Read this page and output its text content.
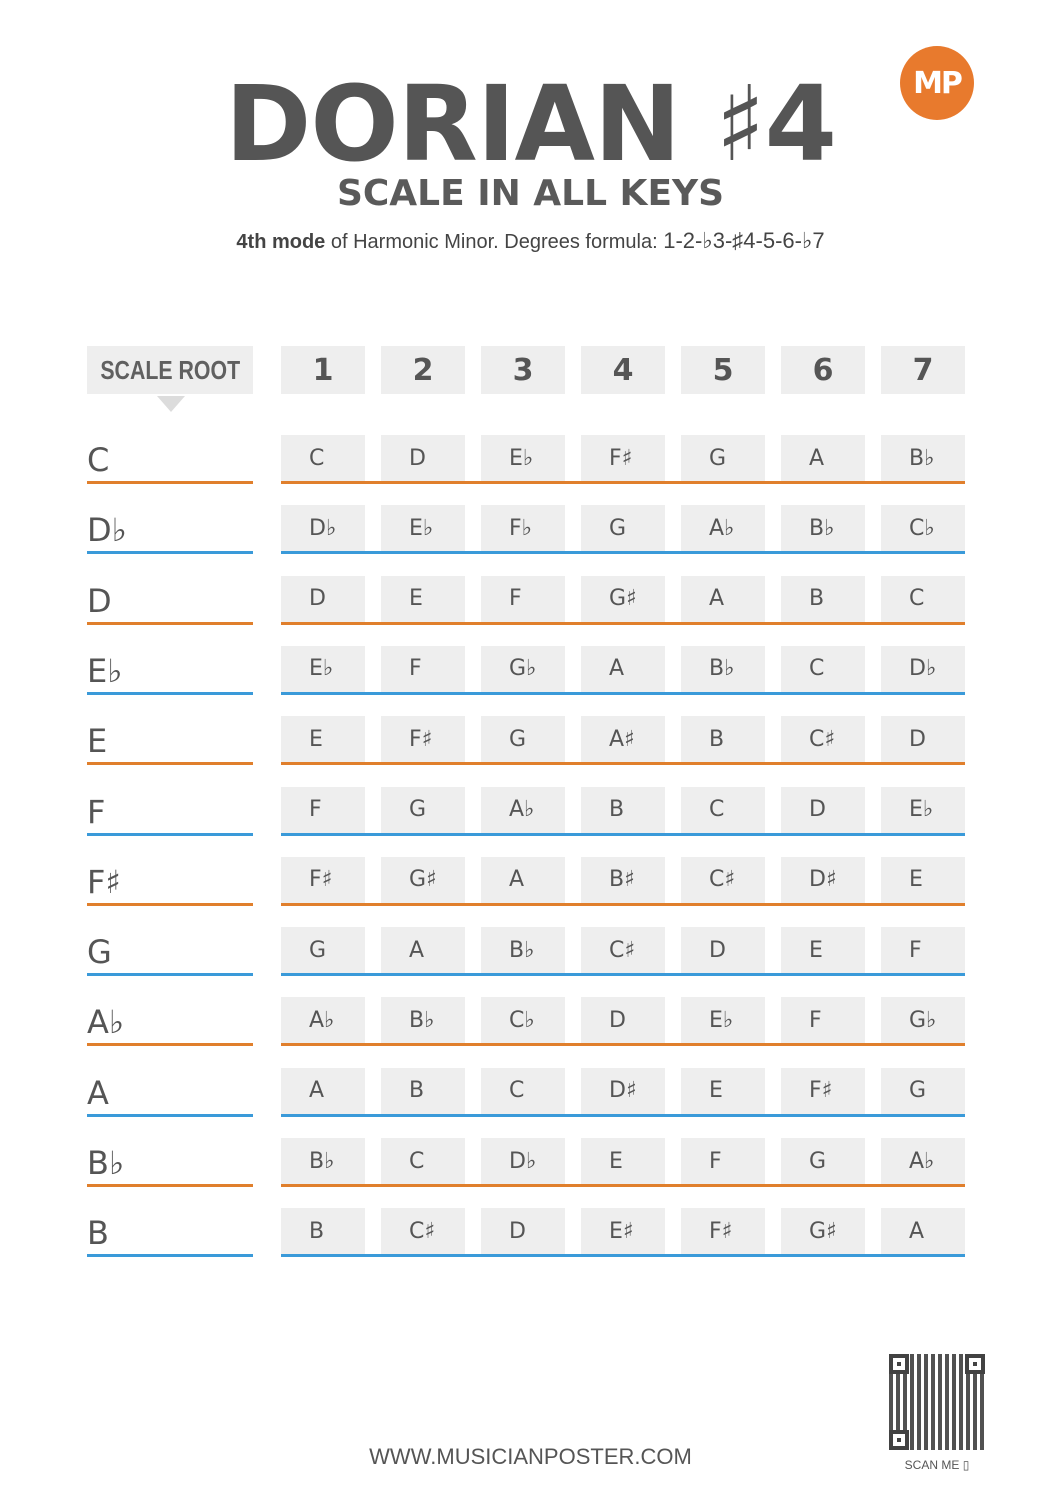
DORIAN ♯4
SCALE IN ALL KEYS
4th mode of Harmonic Minor. Degrees formula: 1-2-♭3-♯4-5-6-♭7
MP
SCALE ROOT	1	2	3	4	5	6	7
C	C	D	E♭	F♯	G	A	B♭
D♭	D♭	E♭	F♭	G	A♭	B♭	C♭
D	D	E	F	G♯	A	B	C
E♭	E♭	F	G♭	A	B♭	C	D♭
E	E	F♯	G	A♯	B	C♯	D
F	F	G	A♭	B	C	D	E♭
F♯	F♯	G♯	A	B♯	C♯	D♯	E
G	G	A	B♭	C♯	D	E	F
A♭	A♭	B♭	C♭	D	E♭	F	G♭
A	A	B	C	D♯	E	F♯	G
B♭	B♭	C	D♭	E	F	G	A♭
B	B	C♯	D	E♯	F♯	G♯	A
SCAN ME ▯
WWW.MUSICIANPOSTER.COM
